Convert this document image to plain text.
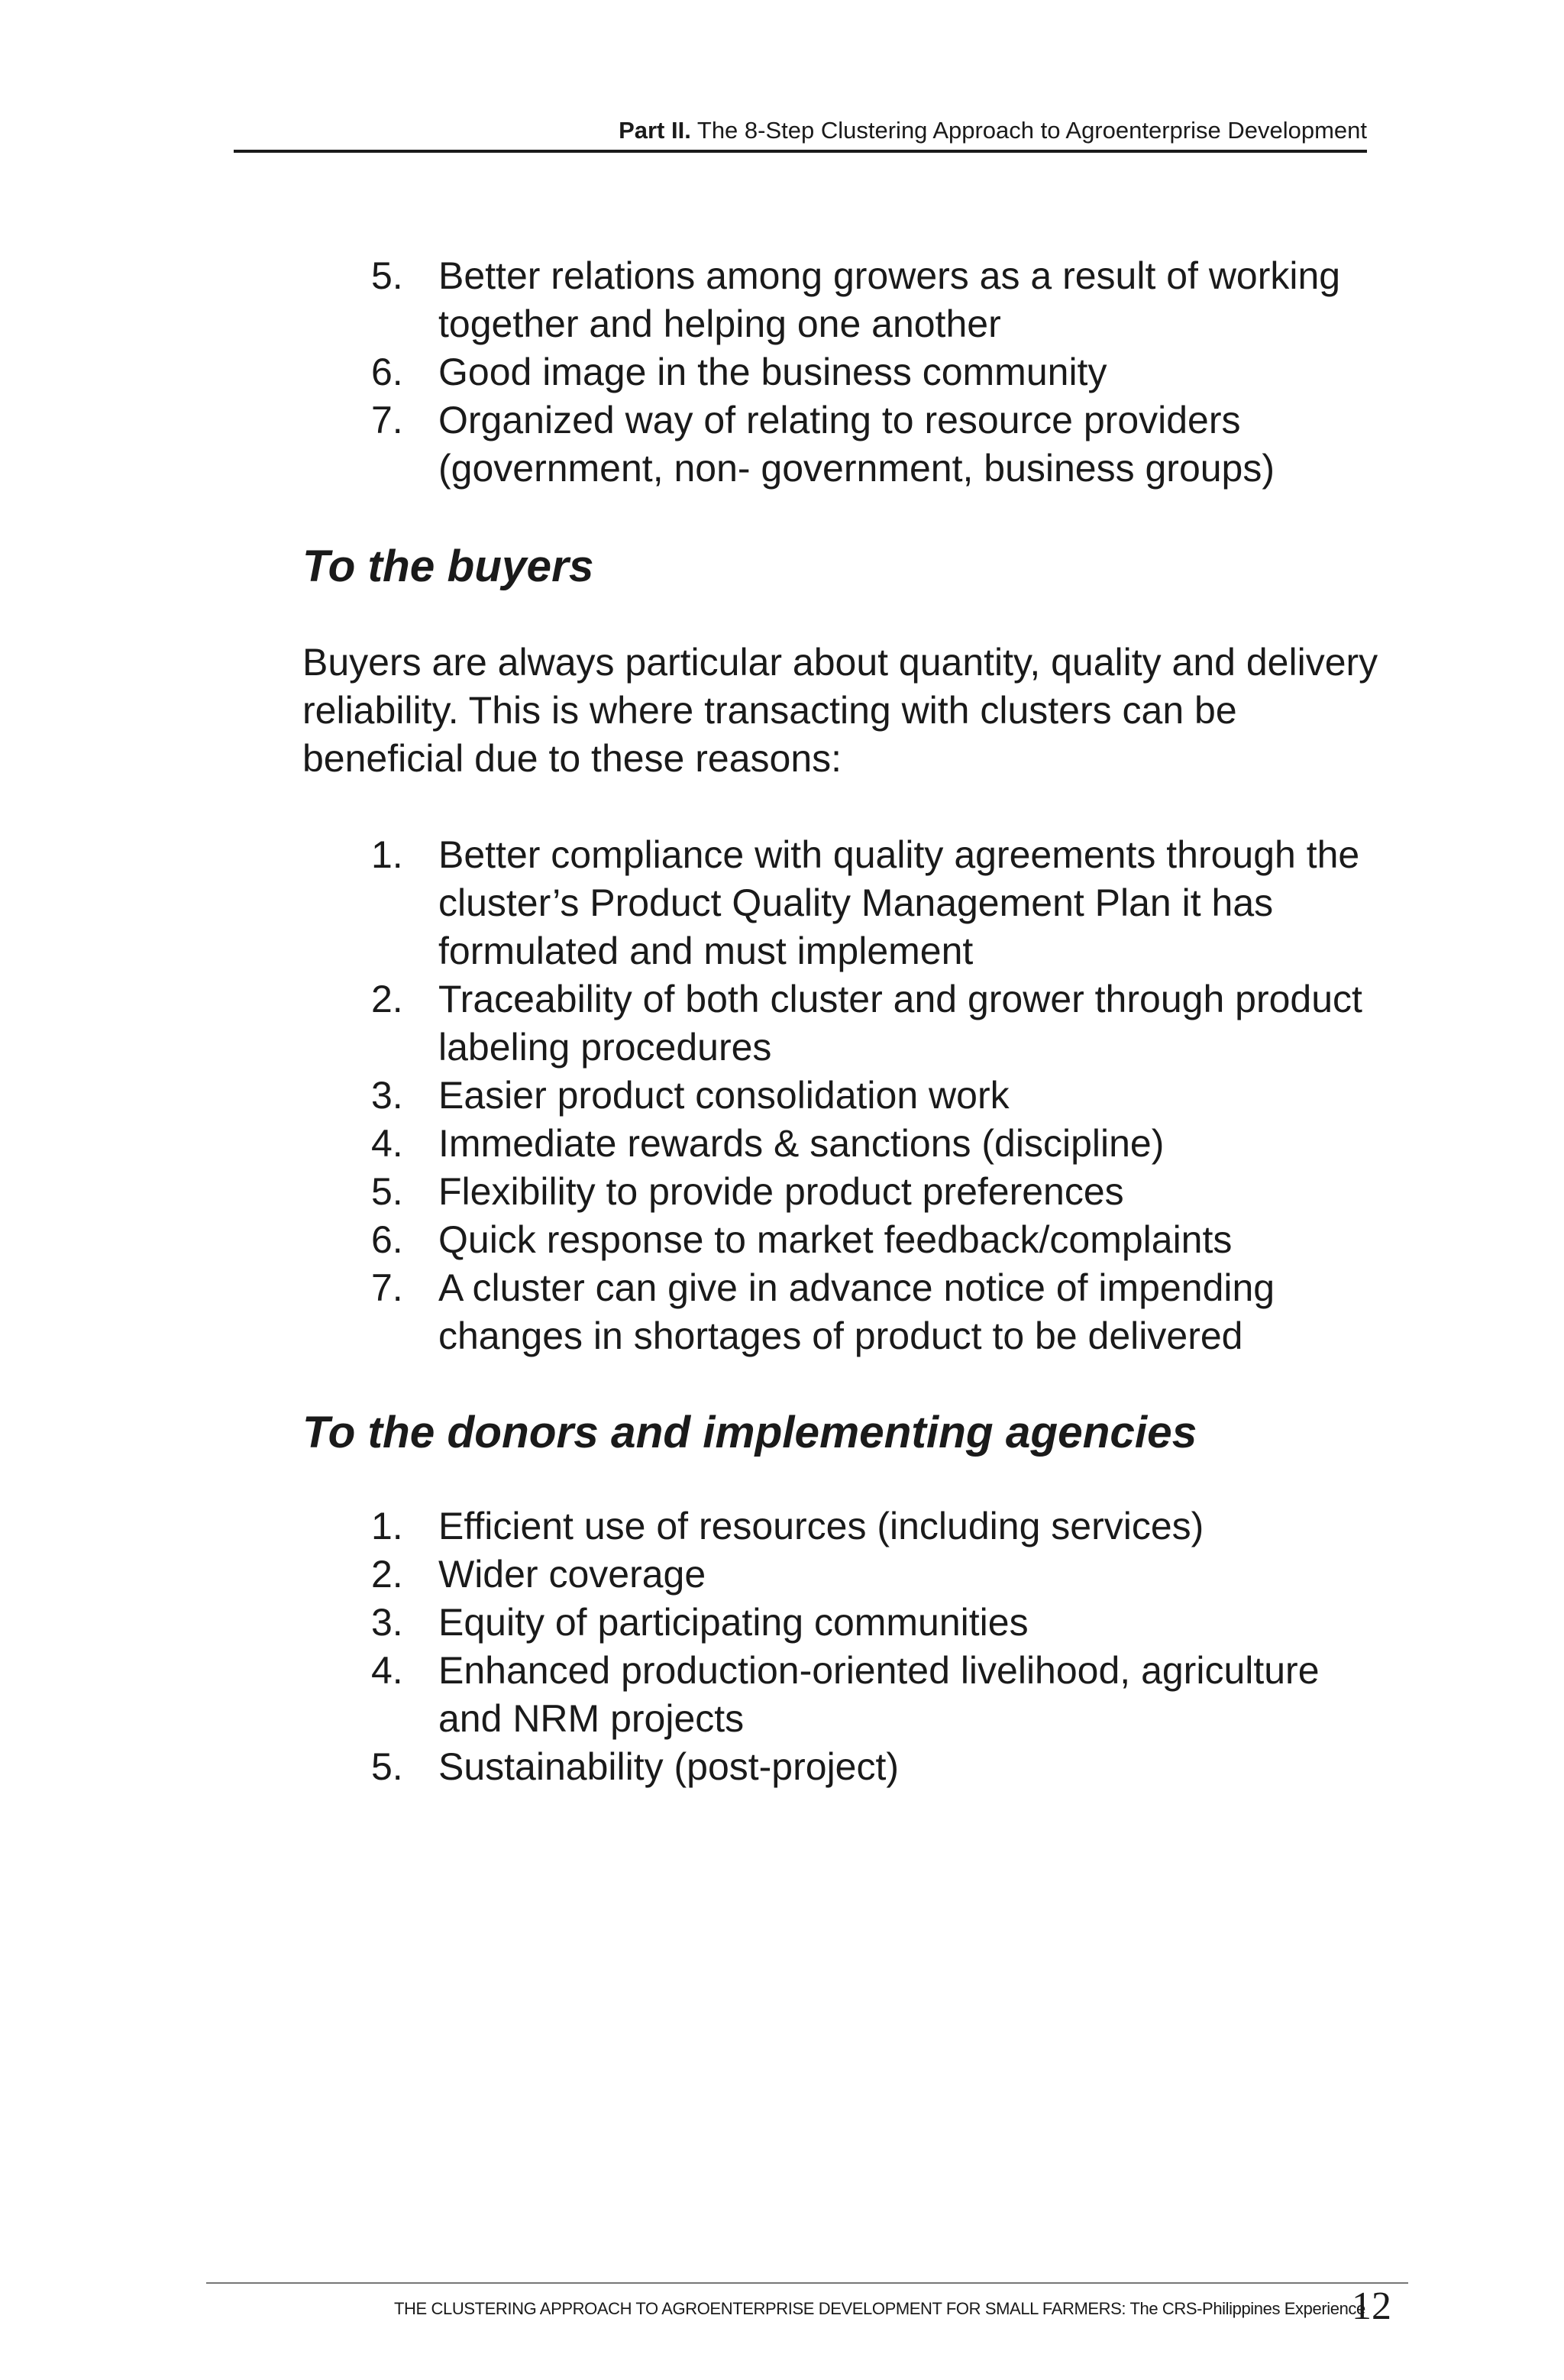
Part II. The 8-Step Clustering Approach to Agroenterprise Development
5. Better relations among growers as a result of working together and helping one another
6. Good image in the business community
7. Organized way of relating to resource providers (government, non- government, business groups)
To the buyers

Buyers are always particular about quantity, quality and delivery reliability. This is where transacting with clusters can be beneficial due to these reasons:

1. Better compliance with quality agreements through the cluster’s Product Quality Management Plan it has formulated and must implement
2. Traceability of both cluster and grower through product labeling procedures
3. Easier product consolidation work
4. Immediate rewards & sanctions (discipline)
5. Flexibility to provide product preferences
6. Quick response to market feedback/complaints
7. A cluster can give in advance notice of impending changes in shortages of product to be delivered
To the donors and implementing agencies
1. Efficient use of resources (including services)
2. Wider coverage
3. Equity of participating communities
4. Enhanced production-oriented livelihood, agriculture and NRM projects
5. Sustainability (post-project)
THE CLUSTERING APPROACH TO AGROENTERPRISE DEVELOPMENT FOR SMALL FARMERS: The CRS-Philippines Experience
12
